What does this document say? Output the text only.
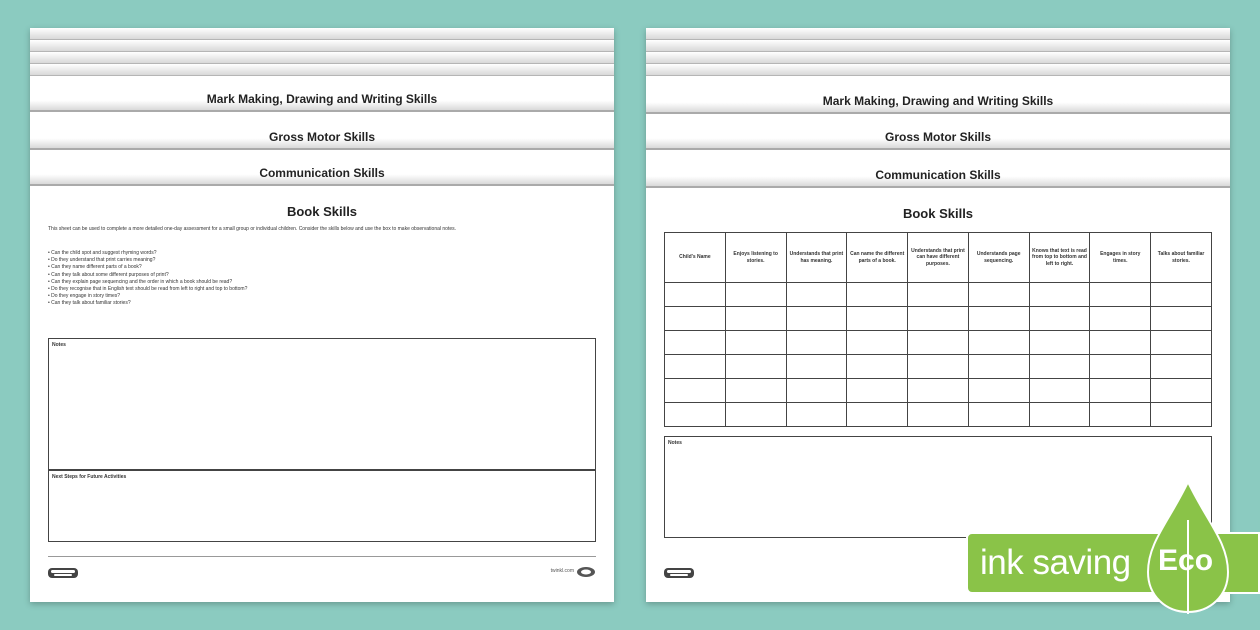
Mark Making, Drawing and Writing Skills
Gross Motor Skills
Communication Skills
Book Skills
This sheet can be used to complete a more detailed one-day assessment for a small group or individual children. Consider the skills below and use the box to make observational notes.
• Can the child spot and suggest rhyming words?
• Do they understand that print carries meaning?
• Can they name different parts of a book?
• Can they talk about some different purposes of print?
• Can they explain page sequencing and the order in which a book should be read?
• Do they recognise that in English text should be read from left to right and top to bottom?
• Do they engage in story times?
• Can they talk about familiar stories?
Notes
Next Steps for Future Activities
twinkl.com
Mark Making, Drawing and Writing Skills
Gross Motor Skills
Communication Skills
Book Skills
Child's Name	Enjoys listening to stories.	Understands that print has meaning.	Can name the different parts of a book.	Understands that print can have different purposes.	Understands page sequencing.	Knows that text is read from top to bottom and left to right.	Engages in story times.	Talks about familiar stories.

Notes
ink saving Eco
